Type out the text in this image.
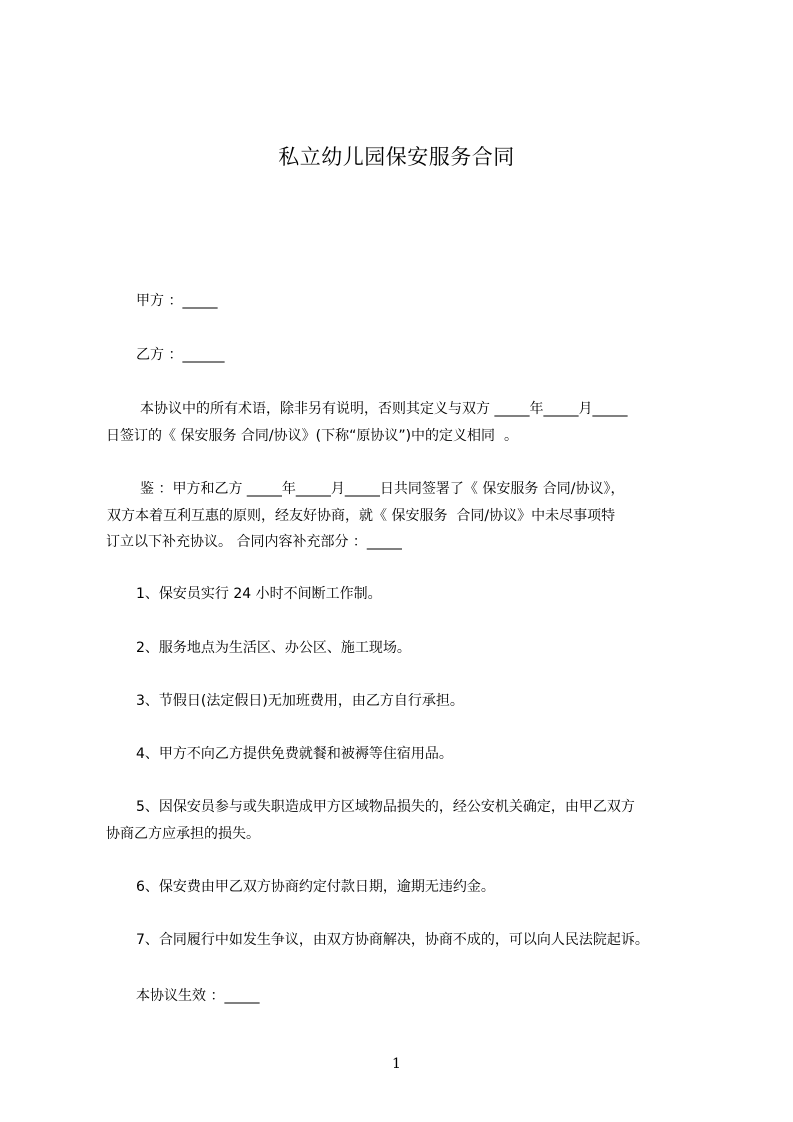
私立幼儿园保安服务合同
甲方 ：_____
乙方 ：______
本协议中的所有术语，除非另有说明，否则其定义与双方 _____年_____月_____
日签订的《 保安服务 合同/协议》(下称“原协议”)中的定义相同  。
鉴 ：甲方和乙方 _____年_____月_____日共同签署了《 保安服务 合同/协议》，
双方本着互利互惠的原则，经友好协商，就《 保安服务  合同/协议》中未尽事项特
订立以下补充协议。 合同内容补充部分 ：_____
1、保安员实行 24 小时不间断工作制。
2、服务地点为生活区、办公区、施工现场。
3、节假日(法定假日)无加班费用，由乙方自行承担。
4、甲方不向乙方提供免费就餐和被褥等住宿用品。
5、因保安员参与或失职造成甲方区域物品损失的，经公安机关确定，由甲乙双方
协商乙方应承担的损失。
6、保安费由甲乙双方协商约定付款日期，逾期无违约金。
7、合同履行中如发生争议，由双方协商解决，协商不成的，可以向人民法院起诉。
本协议生效 ：_____
1
